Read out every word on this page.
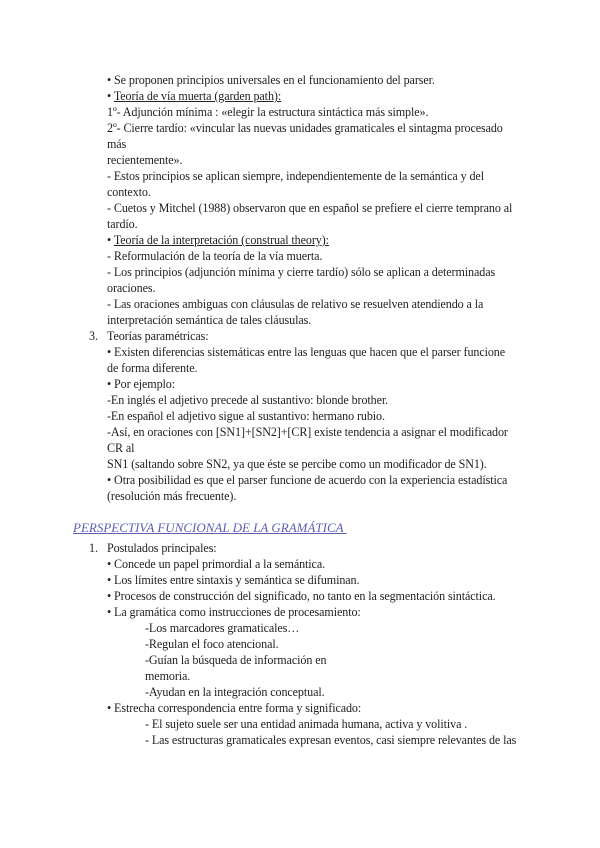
• Se proponen principios universales en el funcionamiento del parser.
• Teoría de vía muerta (garden path):
1º- Adjunción mínima : «elegir la estructura sintáctica más simple».
2º- Cierre tardío: «vincular las nuevas unidades gramaticales el sintagma procesado
más
recientemente».
- Estos principios se aplican siempre, independientemente de la semántica y del
contexto.
- Cuetos y Mitchel (1988) observaron que en español se prefiere el cierre temprano al
tardío.
• Teoría de la interpretación (construal theory):
- Reformulación de la teoría de la vía muerta.
- Los principios (adjunción mínima y cierre tardío) sólo se aplican a determinadas
oraciones.
- Las oraciones ambiguas con cláusulas de relativo se resuelven atendiendo a la
interpretación semántica de tales cláusulas.
3. Teorías paramétricas:
• Existen diferencias sistemáticas entre las lenguas que hacen que el parser funcione
de forma diferente.
• Por ejemplo:
-En inglés el adjetivo precede al sustantivo: blonde brother.
-En español el adjetivo sigue al sustantivo: hermano rubio.
-Así, en oraciones con [SN1]+[SN2]+[CR] existe tendencia a asignar el modificador
CR al
SN1 (saltando sobre SN2, ya que éste se percibe como un modificador de SN1).
• Otra posibilidad es que el parser funcione de acuerdo con la experiencia estadística
(resolución más frecuente).
PERSPECTIVA FUNCIONAL DE LA GRAMÁTICA
1. Postulados principales:
• Concede un papel primordial a la semántica.
• Los límites entre sintaxis y semántica se difuminan.
• Procesos de construcción del significado, no tanto en la segmentación sintáctica.
• La gramática como instrucciones de procesamiento:
-Los marcadores gramaticales…
-Regulan el foco atencional.
-Guían la búsqueda de información en
memoria.
-Ayudan en la integración conceptual.
• Estrecha correspondencia entre forma y significado:
- El sujeto suele ser una entidad animada humana, activa y volitiva .
- Las estructuras gramaticales expresan eventos, casi siempre relevantes de las
